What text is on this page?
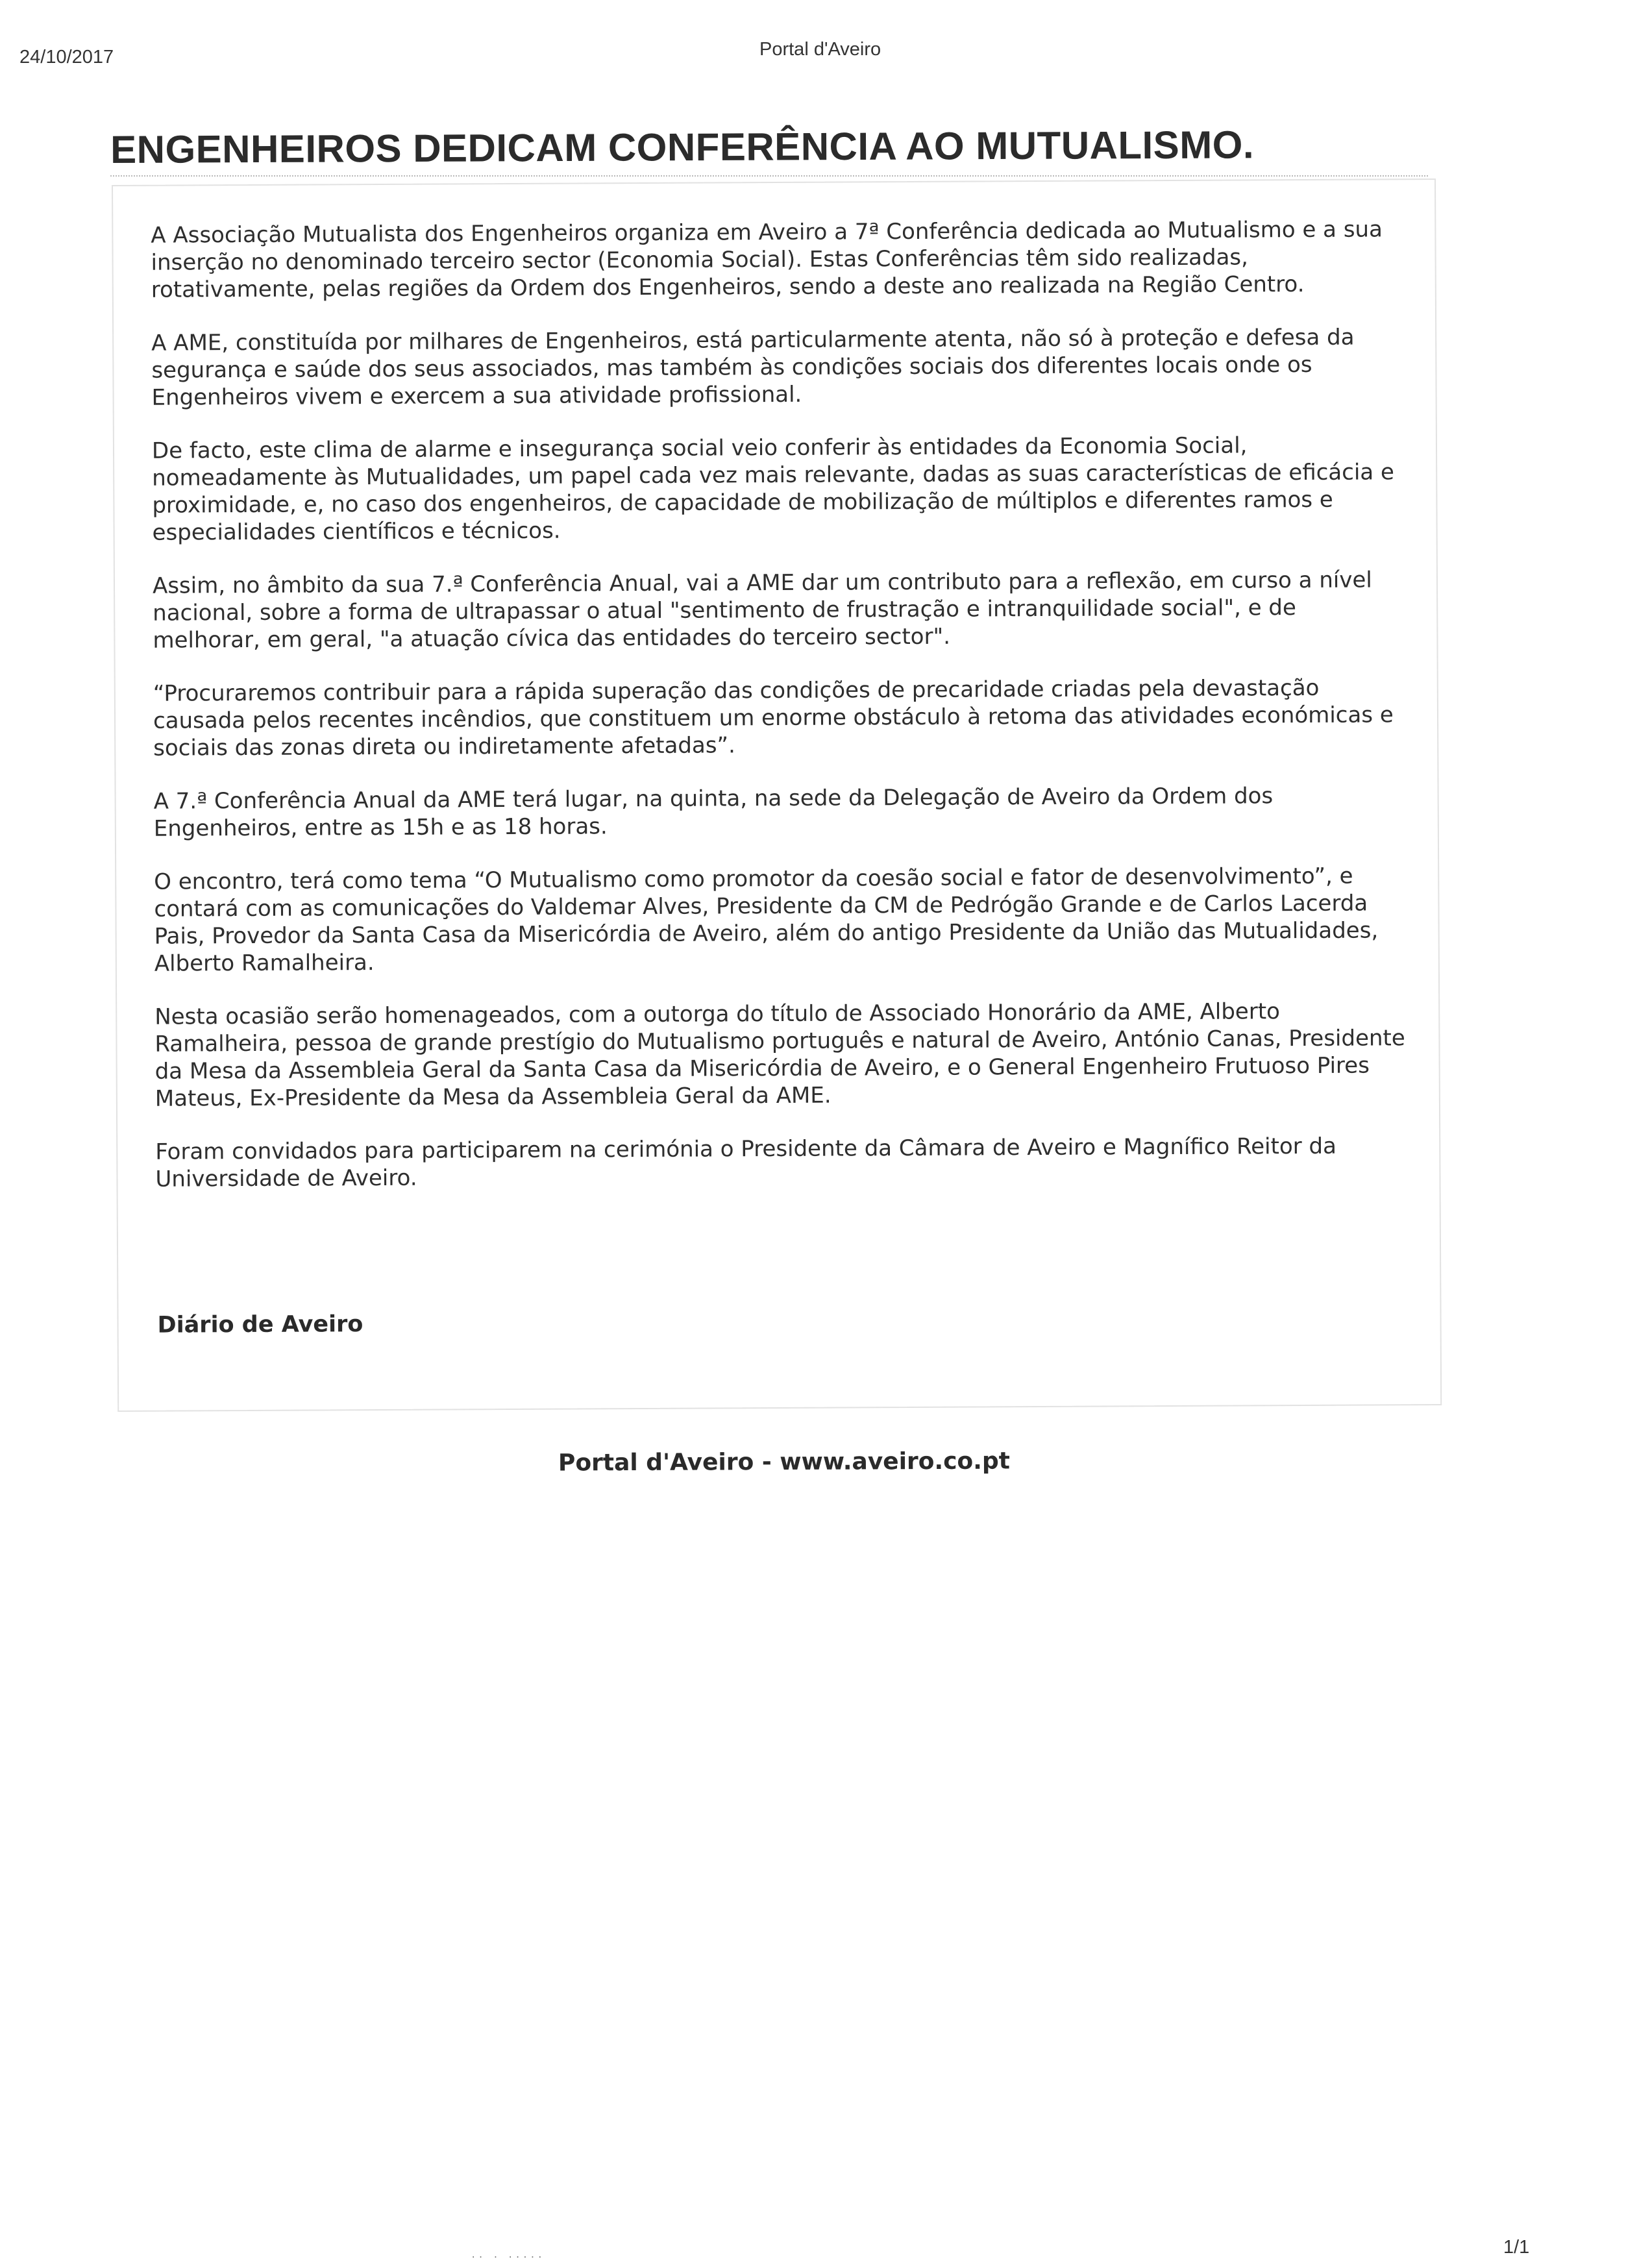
24/10/2017	Portal d'Aveiro
ENGENHEIROS DEDICAM CONFERÊNCIA AO MUTUALISMO.

A Associação Mutualista dos Engenheiros organiza em Aveiro a 7ª Conferência dedicada ao Mutualismo e a sua inserção no denominado terceiro sector (Economia Social). Estas Conferências têm sido realizadas, rotativamente, pelas regiões da Ordem dos Engenheiros, sendo a deste ano realizada na Região Centro.

A AME, constituída por milhares de Engenheiros, está particularmente atenta, não só à proteção e defesa da segurança e saúde dos seus associados, mas também às condições sociais dos diferentes locais onde os Engenheiros vivem e exercem a sua atividade profissional.

De facto, este clima de alarme e insegurança social veio conferir às entidades da Economia Social, nomeadamente às Mutualidades, um papel cada vez mais relevante, dadas as suas características de eficácia e proximidade, e, no caso dos engenheiros, de capacidade de mobilização de múltiplos e diferentes ramos e especialidades científicos e técnicos.

Assim, no âmbito da sua 7.ª Conferência Anual, vai a AME dar um contributo para a reflexão, em curso a nível nacional, sobre a forma de ultrapassar o atual "sentimento de frustração e intranquilidade social", e de melhorar, em geral, "a atuação cívica das entidades do terceiro sector".

“Procuraremos contribuir para a rápida superação das condições de precaridade criadas pela devastação causada pelos recentes incêndios, que constituem um enorme obstáculo à retoma das atividades económicas e sociais das zonas direta ou indiretamente afetadas”.

A 7.ª Conferência Anual da AME terá lugar, na quinta, na sede da Delegação de Aveiro da Ordem dos Engenheiros, entre as 15h e as 18 horas.

O encontro, terá como tema “O Mutualismo como promotor da coesão social e fator de desenvolvimento”, e contará com as comunicações do Valdemar Alves, Presidente da CM de Pedrógão Grande e de Carlos Lacerda Pais, Provedor da Santa Casa da Misericórdia de Aveiro, além do antigo Presidente da União das Mutualidades, Alberto Ramalheira.

Nesta ocasião serão homenageados, com a outorga do título de Associado Honorário da AME, Alberto Ramalheira, pessoa de grande prestígio do Mutualismo português e natural de Aveiro, António Canas, Presidente da Mesa da Assembleia Geral da Santa Casa da Misericórdia de Aveiro, e o General Engenheiro Frutuoso Pires Mateus, Ex-Presidente da Mesa da Assembleia Geral da AME.

Foram convidados para participarem na cerimónia o Presidente da Câmara de Aveiro e Magnífico Reitor da Universidade de Aveiro.

Diário de Aveiro
Portal d'Aveiro - www.aveiro.co.pt
·· · ·····	1/1
